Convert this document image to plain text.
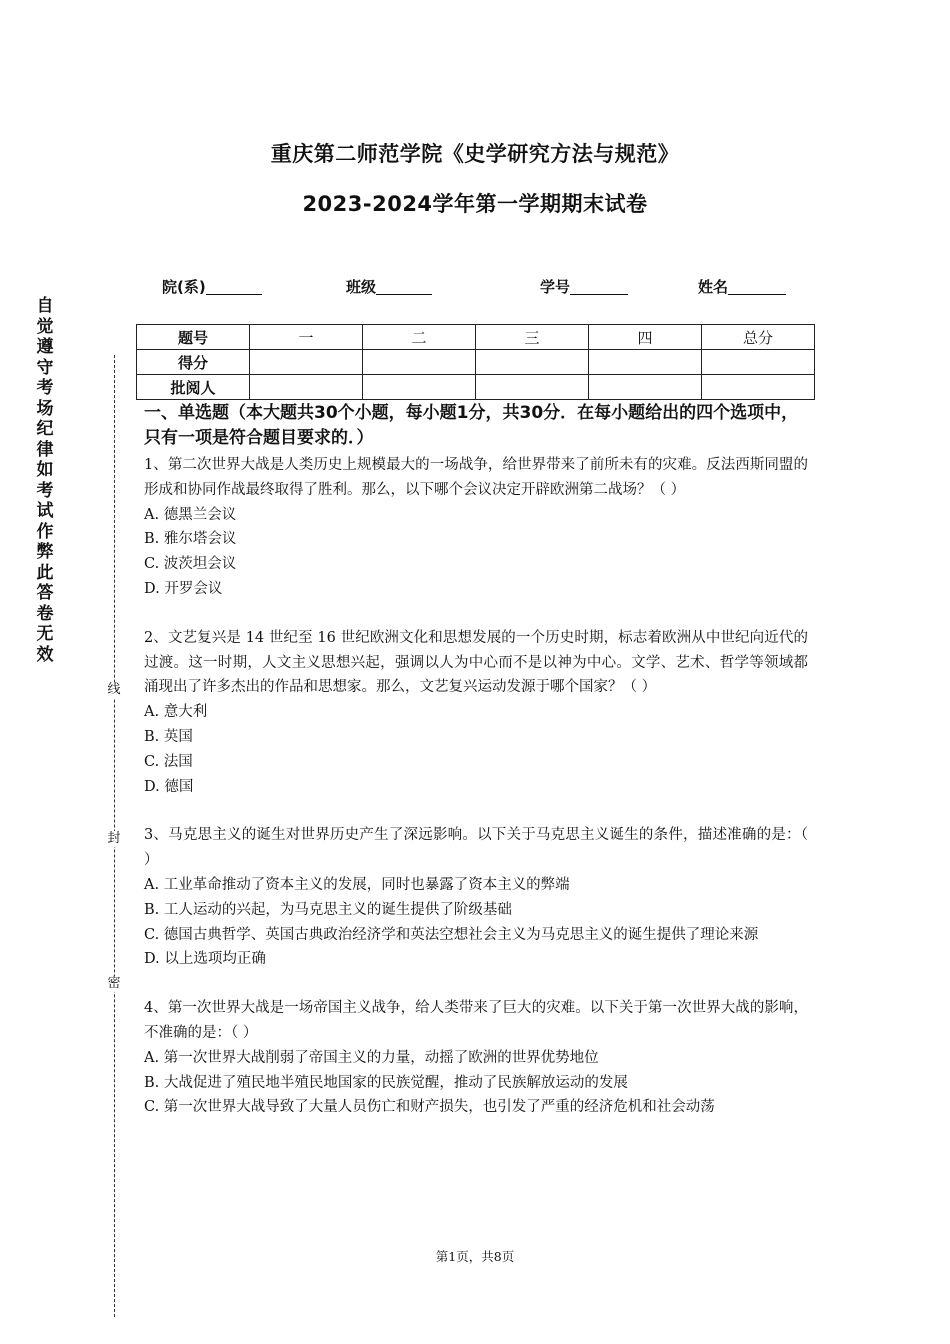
重庆第二师范学院《史学研究方法与规范》
2023-2024学年第一学期期末试卷
院(系)	班级	学号	姓名
题号	一	二	三	四	总分
得分					
批阅人					
自觉遵守考场纪律如考试作弊此答卷无效
线
封
密
一、单选题（本大题共30个小题，每小题1分，共30分．在每小题给出的四个选项中，只有一项是符合题目要求的．）
1、第二次世界大战是人类历史上规模最大的一场战争，给世界带来了前所未有的灾难。反法西斯同盟的形成和协同作战最终取得了胜利。那么，以下哪个会议决定开辟欧洲第二战场？（ ）
A. 德黑兰会议
B. 雅尔塔会议
C. 波茨坦会议
D. 开罗会议
2、文艺复兴是 14 世纪至 16 世纪欧洲文化和思想发展的一个历史时期，标志着欧洲从中世纪向近代的过渡。这一时期，人文主义思想兴起，强调以人为中心而不是以神为中心。文学、艺术、哲学等领域都涌现出了许多杰出的作品和思想家。那么，文艺复兴运动发源于哪个国家？（ ）
A. 意大利
B. 英国
C. 法国
D. 德国
3、马克思主义的诞生对世界历史产生了深远影响。以下关于马克思主义诞生的条件，描述准确的是：（ ）
A. 工业革命推动了资本主义的发展，同时也暴露了资本主义的弊端
B. 工人运动的兴起，为马克思主义的诞生提供了阶级基础
C. 德国古典哲学、英国古典政治经济学和英法空想社会主义为马克思主义的诞生提供了理论来源
D. 以上选项均正确
4、第一次世界大战是一场帝国主义战争，给人类带来了巨大的灾难。以下关于第一次世界大战的影响，不准确的是：（ ）
A. 第一次世界大战削弱了帝国主义的力量，动摇了欧洲的世界优势地位
B. 大战促进了殖民地半殖民地国家的民族觉醒，推动了民族解放运动的发展
C. 第一次世界大战导致了大量人员伤亡和财产损失，也引发了严重的经济危机和社会动荡
第1页，共8页
